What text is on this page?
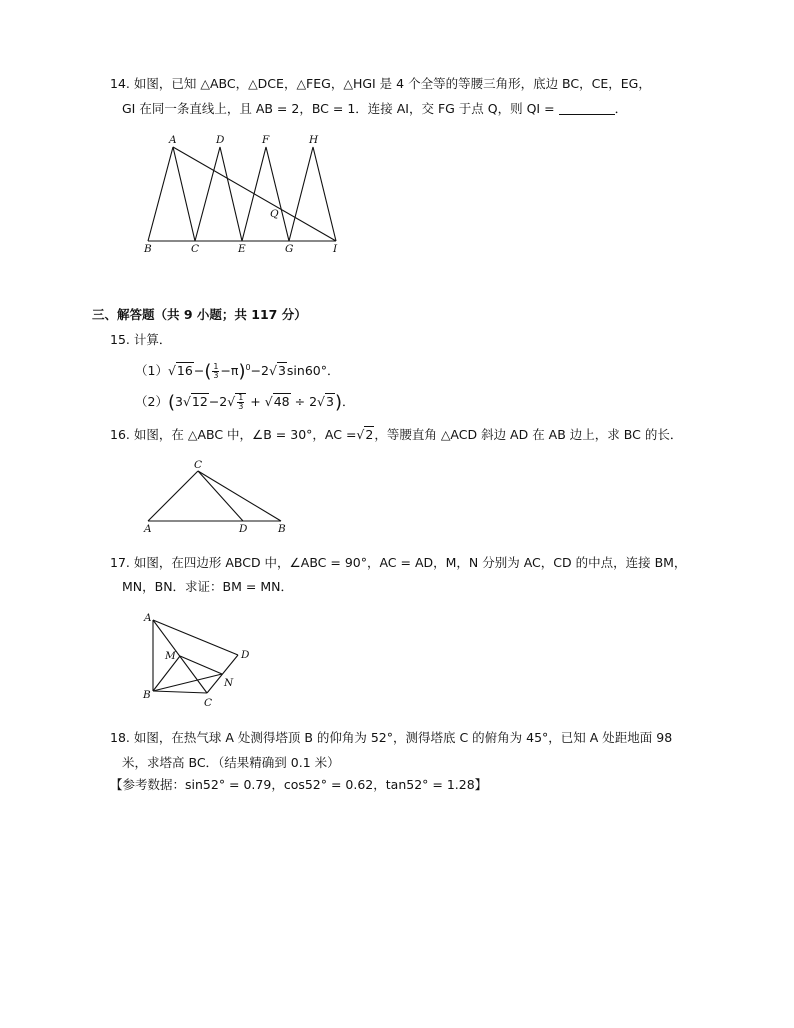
14. 如图，已知 △ABC，△DCE，△FEG，△HGI 是 4 个全等的等腰三角形，底边 BC，CE，EG，
GI 在同一条直线上，且 AB = 2，BC = 1．连接 AI，交 FG 于点 Q，则 QI =	．
A	D	F	H
B	C	E	G	I
Q
三、解答题（共 9 小题；共 117 分）
15. 计算．
$(1)√16-( \frac{1}{3} -\pi)^0-2√3\sin 60^\circ$．
$(2)(3√12-2√ \frac{1}{3} + √48 \div 2√3)$．
16. 如图，在 △ABC 中，∠B = 30°，AC =√2，等腰直角 △ACD 斜边 AD 在 AB 边上，求 BC 的长．
C
A	D	B
17. 如图，在四边形 ABCD 中，∠ABC = 90°，AC = AD，M，N 分别为 AC，CD 的中点，连接 BM，
MN，BN．求证：BM = MN．
A
M	D
N
B
C
18. 如图，在热气球 A 处测得塔顶 B 的仰角为 52°，测得塔底 C 的俯角为 45°，已知 A 处距地面 98
米，求塔高 BC．（结果精确到 0.1 米）
【参考数据：sin52° = 0.79，cos52° = 0.62，tan52° = 1.28】
